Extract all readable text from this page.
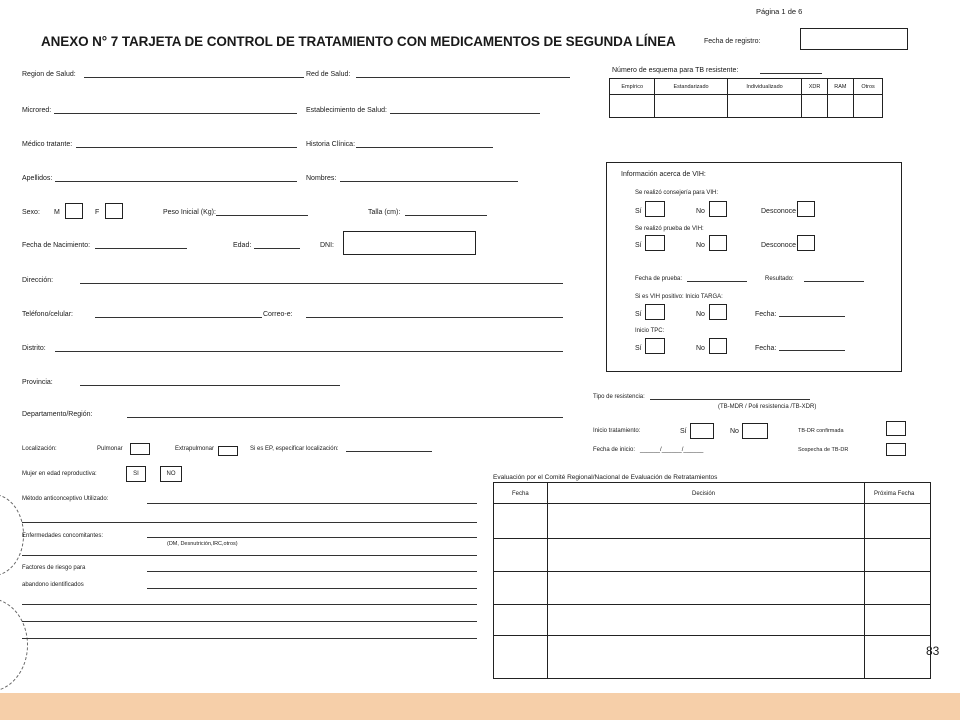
Página 1 de 6
ANEXO N° 7 TARJETA DE CONTROL DE TRATAMIENTO CON MEDICAMENTOS DE SEGUNDA LÍNEA	Fecha de registro:
Region de Salud:	Red de Salud:
Microred:	Establecimiento de Salud:
Médico tratante:	Historia Clínica:
Apellidos:	Nombres:
Sexo: M	F	Peso Inicial (Kg):	Talla (cm):
Fecha de Nacimiento:	Edad:	DNI:
Dirección:
Teléfono/celular:	Correo-e:
Distrito:
Provincia:
Departamento/Región:
Número de esquema para TB resistente:
Empírico	Estandarizado	Individualizado	XDR	RAM	Otros

Información acerca de VIH:
Se realizó consejería para VIH:
Sí	No	Desconoce
Se realizó prueba de VIH:
Sí	No	Desconoce
Fecha de prueba:	Resultado:
Si es VIH positivo: Inicio TARGA:
Sí	No	Fecha:
Inicio TPC:
Sí	No	Fecha:
Tipo de resistencia:
(TB-MDR / Poli resistencia /TB-XDR)
Inicio tratamiento:	Sí	No	TB-DR confirmada
Fecha de inicio: ______/______/______	Sospecha de TB-DR
Localización:	Pulmonar	Extrapulmonar	Si es EP, especificar localización:
Mujer en edad reproductiva:	SI	NO
Método anticonceptivo Utilizado:
Enfermedades concomitantes:
(DM, Desnutrición,IRC,otros)
Factores de riesgo para
abandono identificados
Evaluación por el Comité Regional/Nacional de Evaluación de Retratamientos
Fecha	Decisión	Próxima Fecha
83
